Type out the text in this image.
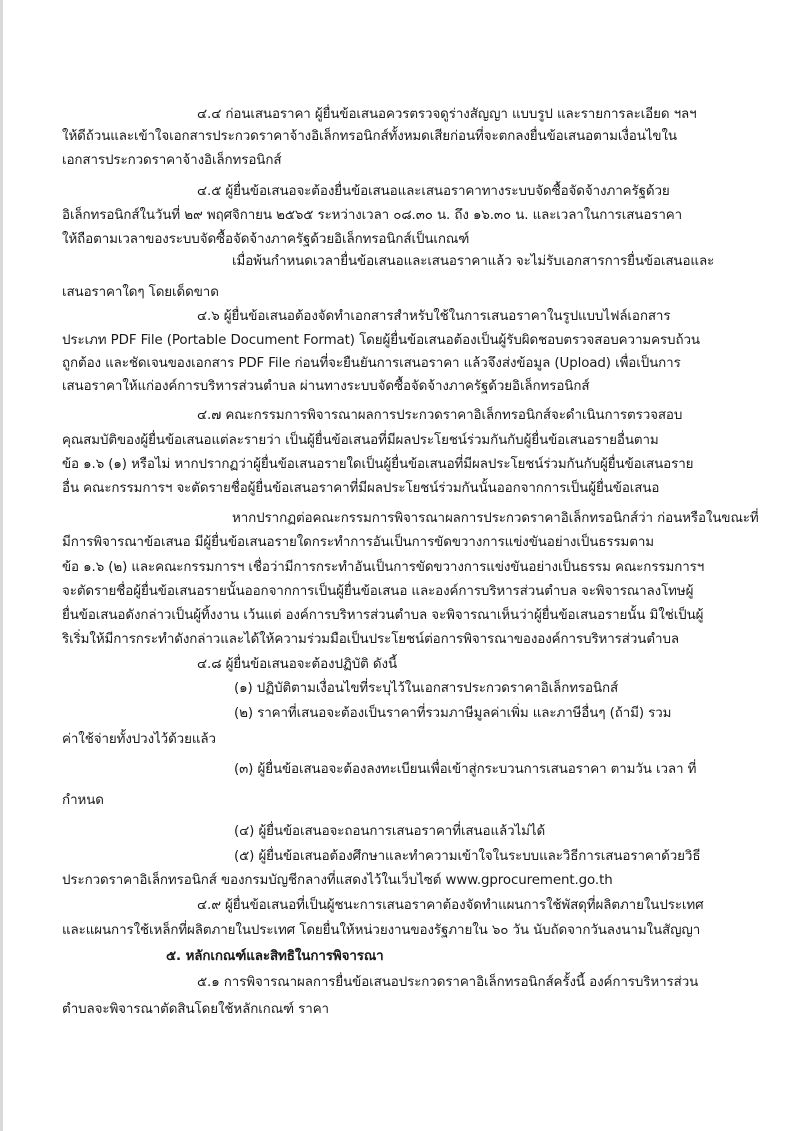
๔.๔ ก่อนเสนอราคา ผู้ยื่นข้อเสนอควรตรวจดูร่างสัญญา แบบรูป และรายการละเอียด ฯลฯ
ให้ดีถ้วนและเข้าใจเอกสารประกวดราคาจ้างอิเล็กทรอนิกส์ทั้งหมดเสียก่อนที่จะตกลงยื่นข้อเสนอตามเงื่อนไขใน
เอกสารประกวดราคาจ้างอิเล็กทรอนิกส์
๔.๕ ผู้ยื่นข้อเสนอจะต้องยื่นข้อเสนอและเสนอราคาทางระบบจัดซื้อจัดจ้างภาครัฐด้วย
อิเล็กทรอนิกส์ในวันที่ ๒๙ พฤศจิกายน ๒๕๖๕ ระหว่างเวลา ๐๘.๓๐ น. ถึง ๑๖.๓๐ น. และเวลาในการเสนอราคา
ให้ถือตามเวลาของระบบจัดซื้อจัดจ้างภาครัฐด้วยอิเล็กทรอนิกส์เป็นเกณฑ์
เมื่อพ้นกำหนดเวลายื่นข้อเสนอและเสนอราคาแล้ว จะไม่รับเอกสารการยื่นข้อเสนอและ
เสนอราคาใดๆ โดยเด็ดขาด
๔.๖ ผู้ยื่นข้อเสนอต้องจัดทำเอกสารสำหรับใช้ในการเสนอราคาในรูปแบบไฟล์เอกสาร
ประเภท PDF File (Portable Document Format) โดยผู้ยื่นข้อเสนอต้องเป็นผู้รับผิดชอบตรวจสอบความครบถ้วน
ถูกต้อง และชัดเจนของเอกสาร PDF File ก่อนที่จะยืนยันการเสนอราคา แล้วจึงส่งข้อมูล (Upload) เพื่อเป็นการ
เสนอราคาให้แก่องค์การบริหารส่วนตำบล ผ่านทางระบบจัดซื้อจัดจ้างภาครัฐด้วยอิเล็กทรอนิกส์
๔.๗ คณะกรรมการพิจารณาผลการประกวดราคาอิเล็กทรอนิกส์จะดำเนินการตรวจสอบ
คุณสมบัติของผู้ยื่นข้อเสนอแต่ละรายว่า เป็นผู้ยื่นข้อเสนอที่มีผลประโยชน์ร่วมกันกับผู้ยื่นข้อเสนอรายอื่นตาม
ข้อ ๑.๖ (๑) หรือไม่ หากปรากฏว่าผู้ยื่นข้อเสนอรายใดเป็นผู้ยื่นข้อเสนอที่มีผลประโยชน์ร่วมกันกับผู้ยื่นข้อเสนอราย
อื่น คณะกรรมการฯ จะตัดรายชื่อผู้ยื่นข้อเสนอราคาที่มีผลประโยชน์ร่วมกันนั้นออกจากการเป็นผู้ยื่นข้อเสนอ
หากปรากฏต่อคณะกรรมการพิจารณาผลการประกวดราคาอิเล็กทรอนิกส์ว่า ก่อนหรือในขณะที่
มีการพิจารณาข้อเสนอ มีผู้ยื่นข้อเสนอรายใดกระทำการอันเป็นการขัดขวางการแข่งขันอย่างเป็นธรรมตาม
ข้อ ๑.๖ (๒) และคณะกรรมการฯ เชื่อว่ามีการกระทำอันเป็นการขัดขวางการแข่งขันอย่างเป็นธรรม คณะกรรมการฯ
จะตัดรายชื่อผู้ยื่นข้อเสนอรายนั้นออกจากการเป็นผู้ยื่นข้อเสนอ และองค์การบริหารส่วนตำบล จะพิจารณาลงโทษผู้
ยื่นข้อเสนอดังกล่าวเป็นผู้ทิ้งงาน เว้นแต่ องค์การบริหารส่วนตำบล จะพิจารณาเห็นว่าผู้ยื่นข้อเสนอรายนั้น มิใช่เป็นผู้
ริเริ่มให้มีการกระทำดังกล่าวและได้ให้ความร่วมมือเป็นประโยชน์ต่อการพิจารณาขององค์การบริหารส่วนตำบล
๔.๘ ผู้ยื่นข้อเสนอจะต้องปฏิบัติ ดังนี้
(๑) ปฏิบัติตามเงื่อนไขที่ระบุไว้ในเอกสารประกวดราคาอิเล็กทรอนิกส์
(๒) ราคาที่เสนอจะต้องเป็นราคาที่รวมภาษีมูลค่าเพิ่ม และภาษีอื่นๆ (ถ้ามี) รวม
ค่าใช้จ่ายทั้งปวงไว้ด้วยแล้ว
(๓) ผู้ยื่นข้อเสนอจะต้องลงทะเบียนเพื่อเข้าสู่กระบวนการเสนอราคา ตามวัน เวลา ที่
กำหนด
(๔) ผู้ยื่นข้อเสนอจะถอนการเสนอราคาที่เสนอแล้วไม่ได้
(๕) ผู้ยื่นข้อเสนอต้องศึกษาและทำความเข้าใจในระบบและวิธีการเสนอราคาด้วยวิธี
ประกวดราคาอิเล็กทรอนิกส์ ของกรมบัญชีกลางที่แสดงไว้ในเว็บไซต์ www.gprocurement.go.th
๔.๙ ผู้ยื่นข้อเสนอที่เป็นผู้ชนะการเสนอราคาต้องจัดทำแผนการใช้พัสดุที่ผลิตภายในประเทศ
และแผนการใช้เหล็กที่ผลิตภายในประเทศ โดยยื่นให้หน่วยงานของรัฐภายใน ๖๐ วัน นับถัดจากวันลงนามในสัญญา
๕. หลักเกณฑ์และสิทธิในการพิจารณา
๕.๑ การพิจารณาผลการยื่นข้อเสนอประกวดราคาอิเล็กทรอนิกส์ครั้งนี้ องค์การบริหารส่วน
ตำบลจะพิจารณาตัดสินโดยใช้หลักเกณฑ์ ราคา
